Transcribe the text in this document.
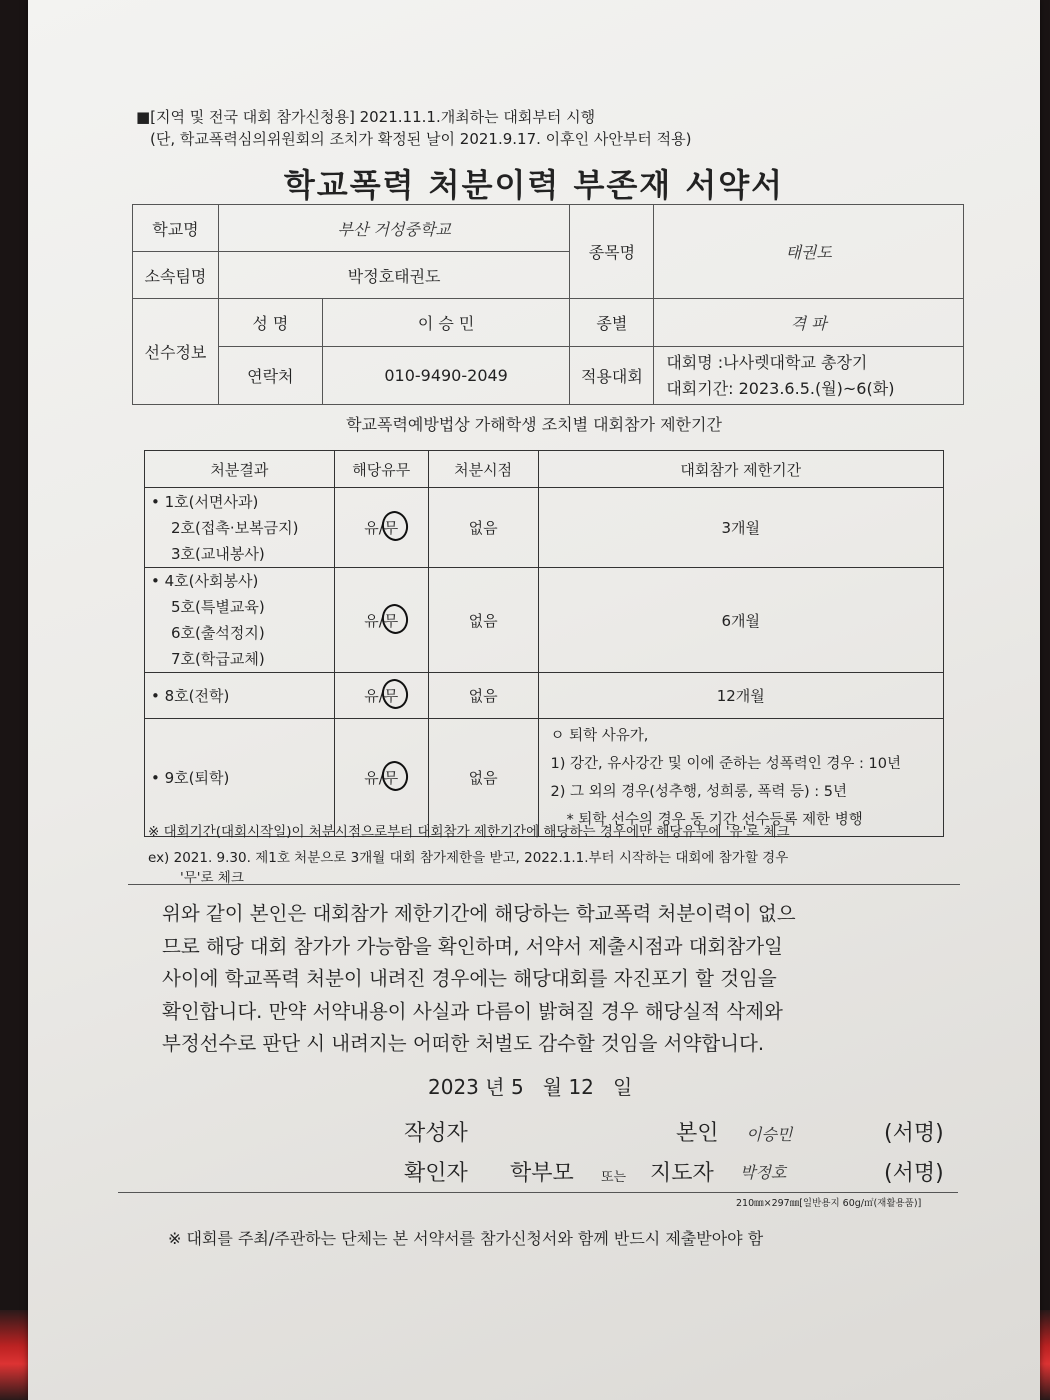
■[지역 및 전국 대회 참가신청용] 2021.11.1.개최하는 대회부터 시행
(단, 학교폭력심의위원회의 조치가 확정된 날이 2021.9.17. 이후인 사안부터 적용)
학교폭력 처분이력 부존재 서약서
학교명	부산 거성중학교		종목명	태권도
소속팀명	박정호태권도			
선수정보	성 명	이 승 민	종별	격 파
	연락처	010-9490-2049	적용대회	대회명 :나사렛대학교 총장기
대회기간: 2023.6.5.(월)~6(화)
학교폭력예방법상 가해학생 조치별 대회참가 제한기간
처분결과	해당유무	처분시점	대회참가 제한기간

• 1호(서면사과)
2호(접촉·보복금지)
3호(교내봉사)	유/무	없음	3개월

• 4호(사회봉사)
5호(특별교육)
6호(출석정지)
7호(학급교체)	유/무	없음	6개월

• 8호(전학)	유/무	없음	12개월

• 9호(퇴학)	유/무	없음	ㅇ 퇴학 사유가,
1) 강간, 유사강간 및 이에 준하는 성폭력인 경우 : 10년
2) 그 외의 경우(성추행, 성희롱, 폭력 등) : 5년
* 퇴학 선수의 경우 동 기간 선수등록 제한 병행
※ 대회기간(대회시작일)이 처분시점으로부터 대회참가 제한기간에 해당하는 경우에만 해당유무에 '유'로 체크
ex) 2021. 9.30. 제1호 처분으로 3개월 대회 참가제한을 받고, 2022.1.1.부터 시작하는 대회에 참가할 경우
'무'로 체크
위와 같이 본인은 대회참가 제한기간에 해당하는 학교폭력 처분이력이 없으
므로 해당 대회 참가가 가능함을 확인하며, 서약서 제출시점과 대회참가일
사이에 학교폭력 처분이 내려진 경우에는 해당대회를 자진포기 할 것임을
확인합니다. 만약 서약내용이 사실과 다름이 밝혀질 경우 해당실적 삭제와
부정선수로 판단 시 내려지는 어떠한 처벌도 감수할 것임을 서약합니다.
2023 년 5 월 12 일
작성자	본인 이승민	(서명)
확인자 학부모 또는 지도자 박정호	(서명)
210㎜×297㎜[일반용지 60g/㎡(재활용품)]
※ 대회를 주최/주관하는 단체는 본 서약서를 참가신청서와 함께 반드시 제출받아야 함
